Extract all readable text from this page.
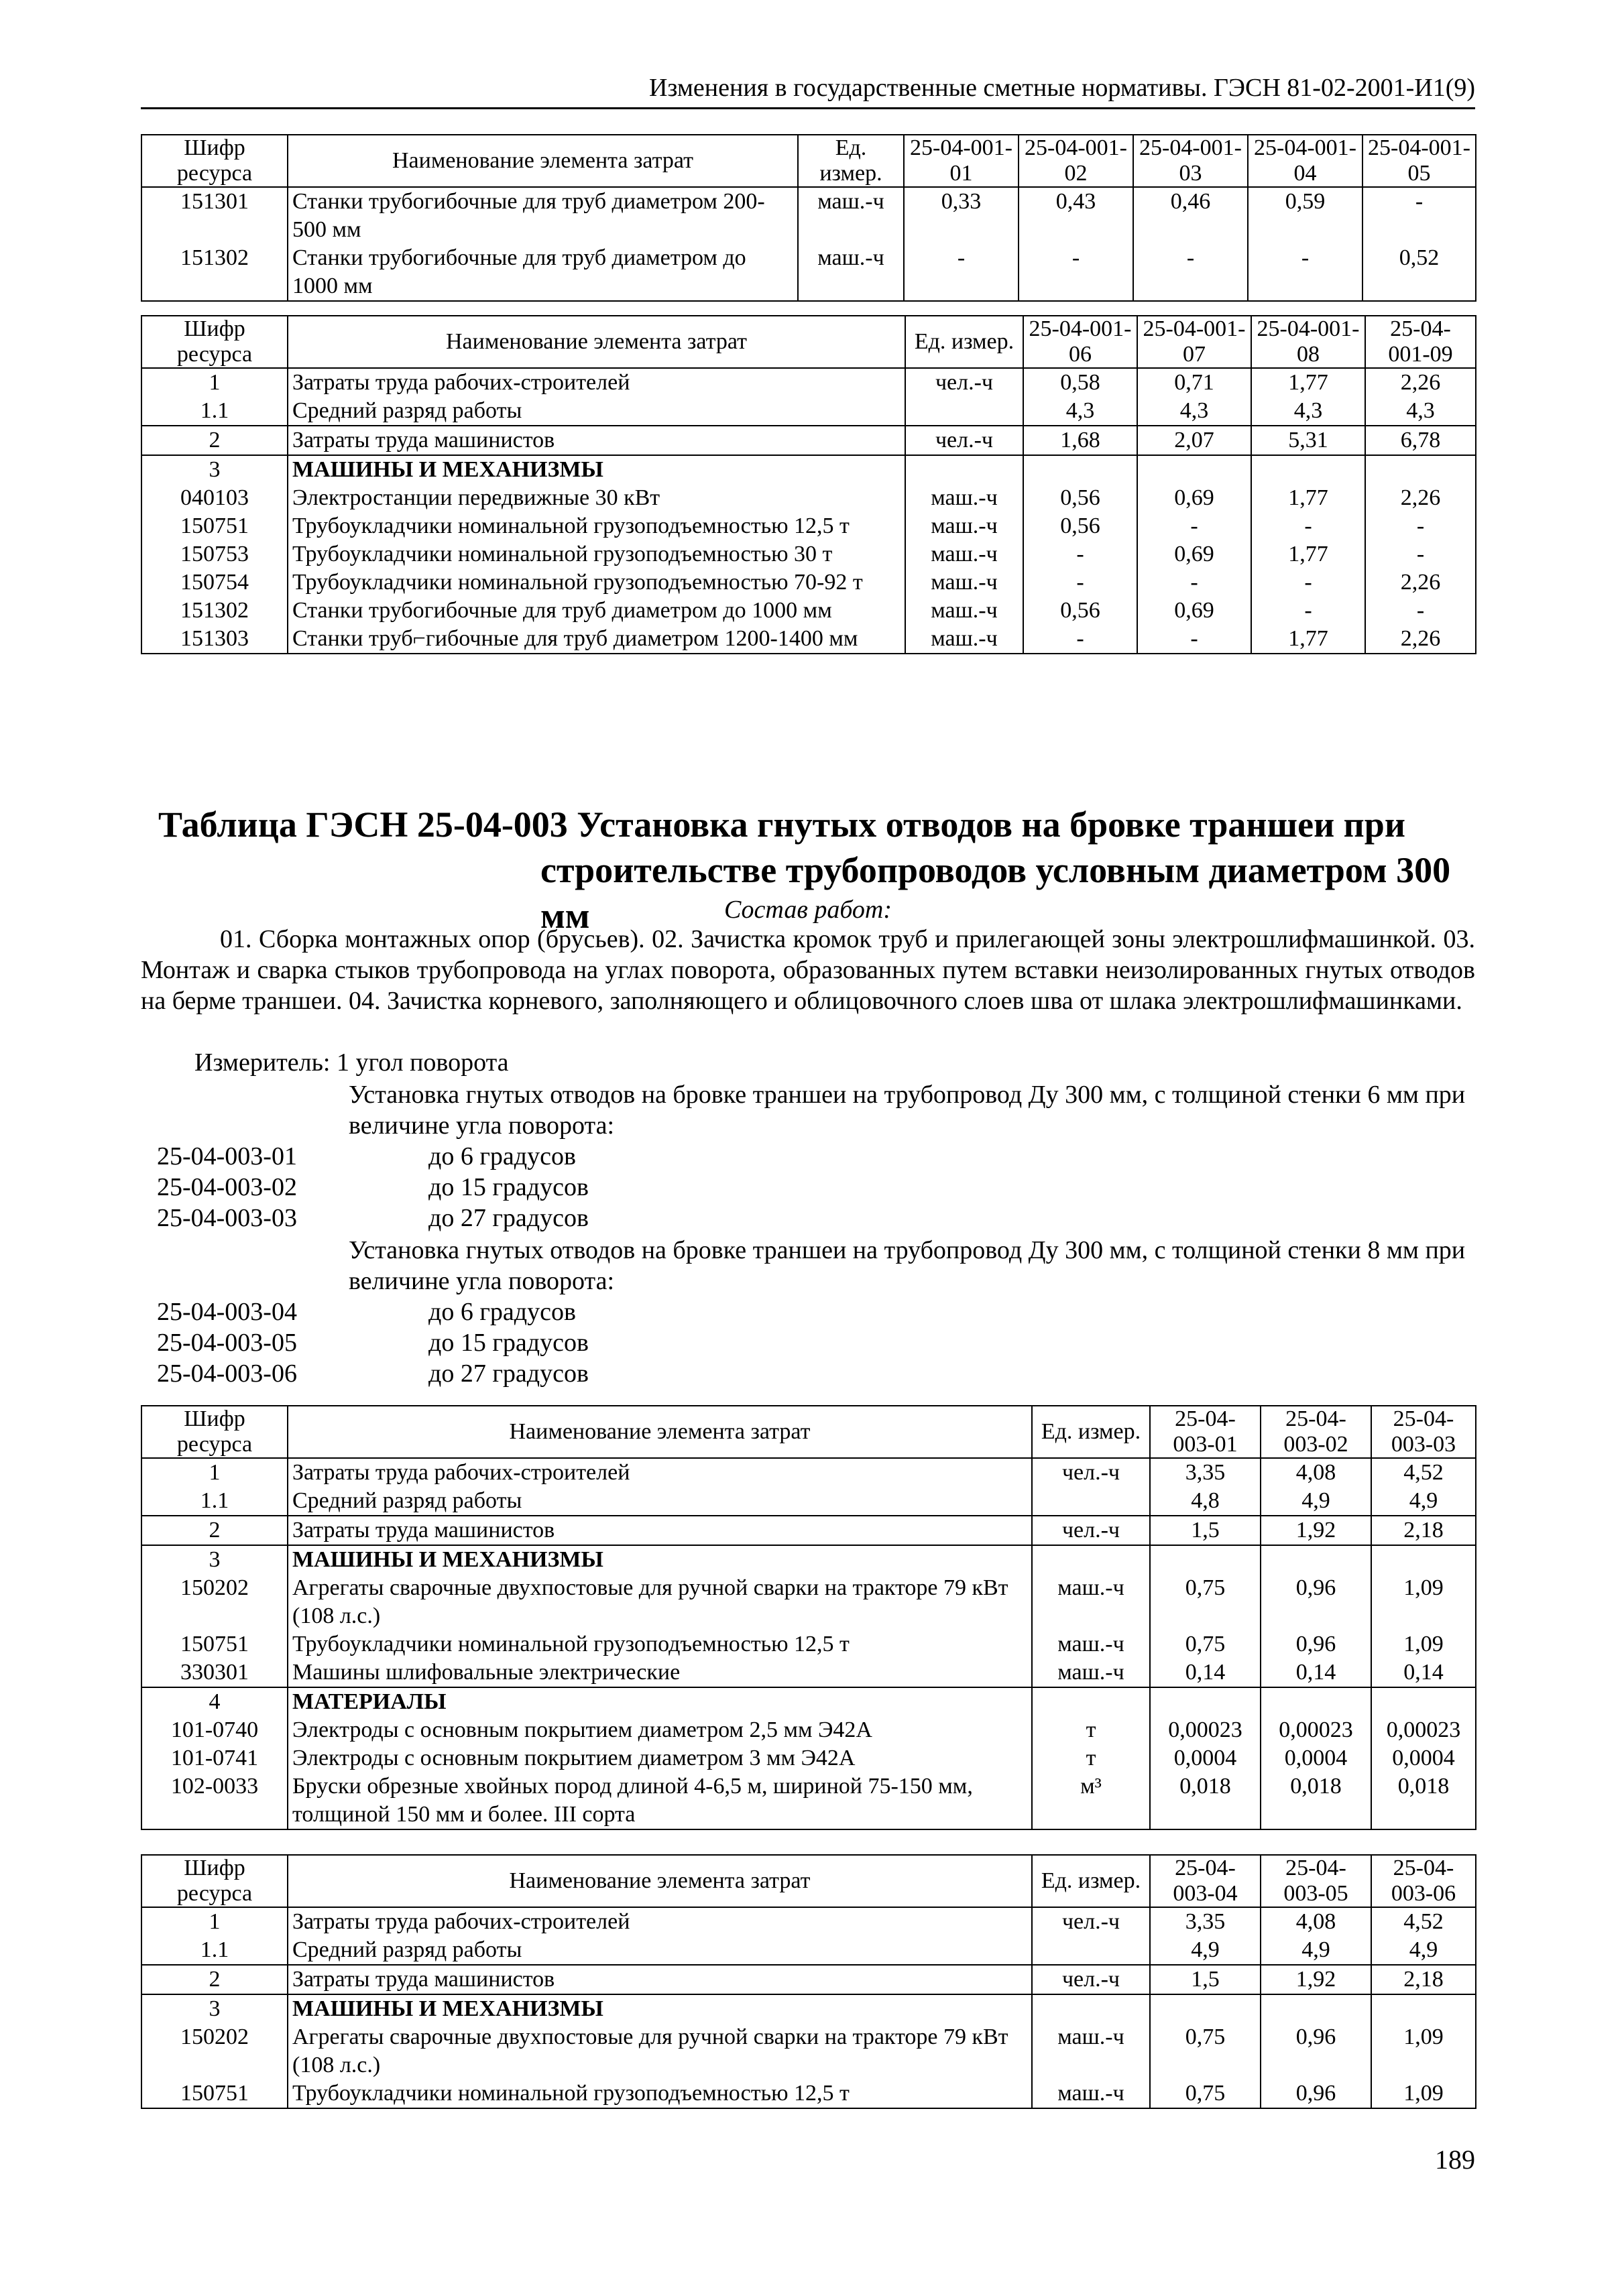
Изменения в государственные сметные нормативы. ГЭСН 81-02-2001-И1(9)
Шифр ресурса	Наименование элемента затрат	Ед. измер.	25-04-001-01	25-04-001-02	25-04-001-03	25-04-001-04	25-04-001-05
151301	Станки трубогибочные для труб диаметром 200-500 мм	маш.-ч	0,33	0,43	0,46	0,59	-
151302	Станки трубогибочные для труб диаметром до 1000 мм	маш.-ч	-	-	-	-	0,52
Шифр ресурса	Наименование элемента затрат	Ед. измер.	25-04-001-06	25-04-001-07	25-04-001-08	25-04-001-09
1	Затраты труда рабочих-строителей	чел.-ч	0,58	0,71	1,77	2,26
1.1	Средний разряд работы		4,3	4,3	4,3	4,3
2	Затраты труда машинистов	чел.-ч	1,68	2,07	5,31	6,78
3	МАШИНЫ И МЕХАНИЗМЫ					
040103	Электростанции передвижные 30 кВт	маш.-ч	0,56	0,69	1,77	2,26
150751	Трубоукладчики номинальной грузоподъемностью 12,5 т	маш.-ч	0,56	-	-	-
150753	Трубоукладчики номинальной грузоподъемностью 30 т	маш.-ч	-	0,69	1,77	-
150754	Трубоукладчики номинальной грузоподъемностью 70-92 т	маш.-ч	-	-	-	2,26
151302	Станки трубогибочные для труб диаметром до 1000 мм	маш.-ч	0,56	0,69	-	-
151303	Станки труб⌐гибочные для труб диаметром 1200-1400 мм	маш.-ч	-	-	1,77	2,26
Таблица ГЭСН 25-04-003 Установка гнутых отводов на бровке траншеи при
строительстве трубопроводов условным диаметром 300 мм	Состав работ:
01. Сборка монтажных опор (брусьев). 02. Зачистка кромок труб и прилегающей зоны электрошлифмашинкой. 03. Монтаж и сварка стыков трубопровода на углах поворота, образованных путем вставки неизолированных гнутых отводов на берме траншеи. 04. Зачистка корневого, заполняющего и облицовочного слоев шва от шлака электрошлифмашинками.
Измеритель: 1 угол поворота
Установка гнутых отводов на бровке траншеи на трубопровод Ду 300 мм, с толщиной стенки 6 мм при величине угла поворота:
25-04-003-01	до 6 градусов
25-04-003-02	до 15 градусов
25-04-003-03	до 27 градусов
Установка гнутых отводов на бровке траншеи на трубопровод Ду 300 мм, с толщиной стенки 8 мм при величине угла поворота:
25-04-003-04	до 6 градусов
25-04-003-05	до 15 градусов
25-04-003-06	до 27 градусов
Шифр ресурса	Наименование элемента затрат	Ед. измер.	25-04-003-01	25-04-003-02	25-04-003-03
1	Затраты труда рабочих-строителей	чел.-ч	3,35	4,08	4,52
1.1	Средний разряд работы		4,8	4,9	4,9
2	Затраты труда машинистов	чел.-ч	1,5	1,92	2,18
3	МАШИНЫ И МЕХАНИЗМЫ				
150202	Агрегаты сварочные двухпостовые для ручной сварки на тракторе 79 кВт (108 л.с.)	маш.-ч	0,75	0,96	1,09
150751	Трубоукладчики номинальной грузоподъемностью 12,5 т	маш.-ч	0,75	0,96	1,09
330301	Машины шлифовальные электрические	маш.-ч	0,14	0,14	0,14
4	МАТЕРИАЛЫ				
101-0740	Электроды с основным покрытием диаметром 2,5 мм Э42А	т	0,00023	0,00023	0,00023
101-0741	Электроды с основным покрытием диаметром 3 мм Э42А	т	0,0004	0,0004	0,0004
102-0033	Бруски обрезные хвойных пород длиной 4-6,5 м, шириной 75-150 мм, толщиной 150 мм и более. III сорта	м³	0,018	0,018	0,018
Шифр ресурса	Наименование элемента затрат	Ед. измер.	25-04-003-04	25-04-003-05	25-04-003-06
1	Затраты труда рабочих-строителей	чел.-ч	3,35	4,08	4,52
1.1	Средний разряд работы		4,9	4,9	4,9
2	Затраты труда машинистов	чел.-ч	1,5	1,92	2,18
3	МАШИНЫ И МЕХАНИЗМЫ				
150202	Агрегаты сварочные двухпостовые для ручной сварки на тракторе 79 кВт (108 л.с.)	маш.-ч	0,75	0,96	1,09
150751	Трубоукладчики номинальной грузоподъемностью 12,5 т	маш.-ч	0,75	0,96	1,09
189
